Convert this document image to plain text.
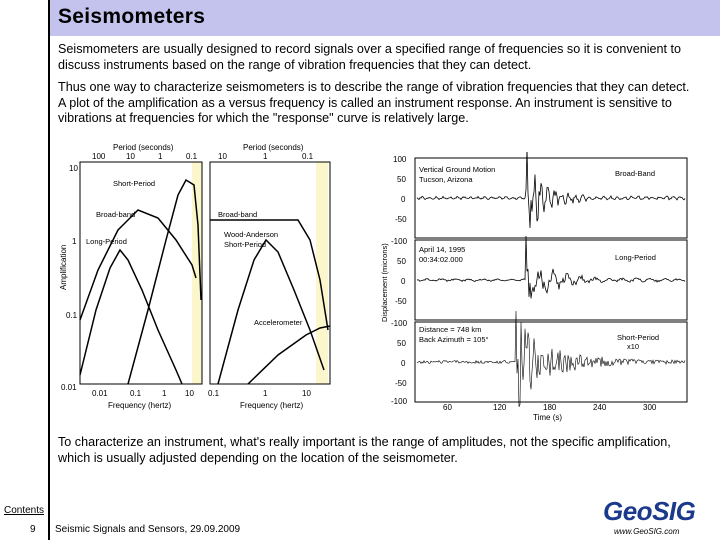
Seismometers
Seismometers are usually designed to record signals over a specified range of frequencies so it is convenient to discuss instruments based on the range of vibration frequencies that they can detect.
Thus one way to characterize seismometers is to describe the range of vibration frequencies that they can detect. A plot of the amplification as a versus frequency is called an instrument response. An instrument is sensitive to vibrations at frequencies for which the "response" curve is relatively large.
Period (seconds)	Period (seconds)
100	10	1	0.1	10	1	0.1
10
1
0.1
0.01
Amplification
Short-Period
Broad-band
Long-Period
Broad-band
Wood-Anderson
Short-Period
Accelerometer
0.01	0.1	1 10 0.1	1	10
Frequency (hertz)	Frequency (hertz)
Displacement (microns)
100
50
0
-50
Vertical Ground Motion
Tucson, Arizona
Broad-Band
-100
50
0
-50
April 14, 1995
00:34:02.000	Long-Period
-100
50
0
-50
-100
Distance = 748 km
Back Azimuth = 105°	Short-Period
x10
60	120	180	240	300
Time (s)
To characterize an instrument, what's really important is the range of amplitudes, not the specific amplification, which is usually adjusted depending on the location of the seismometer.
Contents
9 Seismic Signals and Sensors, 29.09.2009
GeoSIG
www.GeoSIG.com
